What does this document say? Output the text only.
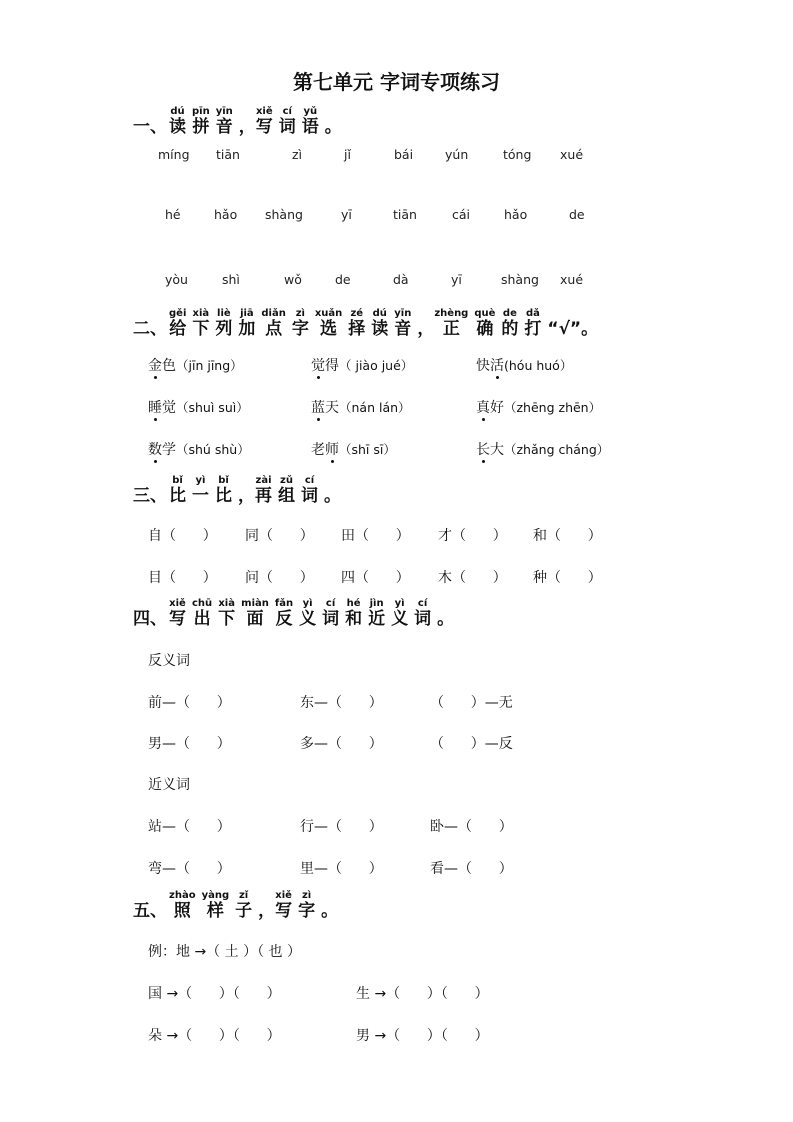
第七单元 字词专项练习
一、 读dú
拼pīn
音yīn
， 写xiě
词cí
语yǔ
。
míng tiān	zì	jǐ	bái	yún	tóng xué
hé	hǎo shàng	yī	tiān	cái	hǎo	de
yòu	shì	wǒ	de	dà	yī	shàng xué
二、 给gěi
下xià
列liè
加jiā
点diǎn
字zì
选xuǎn
择zé
读dú
音yīn
， 正zhèng
确què
的de
打dǎ
“√”。
金色（jīn jīng）	觉得（ jiào jué）	快活(hóu huó）
睡觉（shuì suì）	蓝天（nán lán）	真好（zhēng zhēn）
数学（shú shù）	老师（shī sī）	长大（zhǎng cháng）
三、 比bǐ
一yì
比bǐ
， 再zài
组zǔ
词cí
。
自（      ） 同（      ） 田（      ） 才（      ） 和（      ）
目（      ） 问（      ） 四（      ） 木（      ） 种（      ）
四、 写xiě
出chū
下xià
面miàn
反fǎn
义yì
词cí
和hé
近jìn
义yì
词cí
。
反义词
前—（      ）	东—（      ）	（      ）—无
男—（      ）	多—（      ）	（      ）—反
近义词
站—（      ）	行—（      ）	卧—（      ）
弯—（      ）	里—（      ）	看—（      ）
五、 照zhào
样yàng
子zǐ
， 写xiě
字zì
。
例：地 →（ 土 ）（ 也 ）
国 →（      ）（      ）	生 →（      ）（      ）
朵 →（      ）（      ）	男 →（      ）（      ）
